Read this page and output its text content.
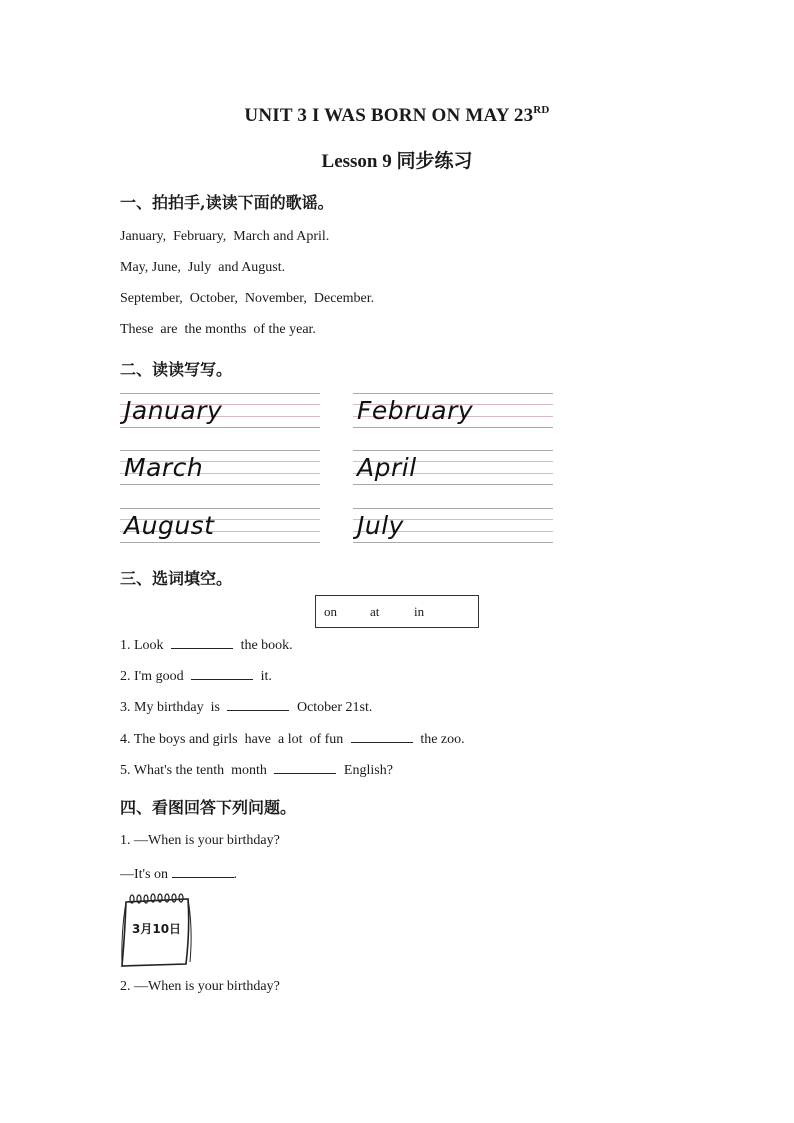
UNIT 3 I WAS BORN ON MAY 23RD
Lesson 9 同步练习
一、拍拍手,读读下面的歌谣。
January,  February,  March and April.
May, June,  July  and August.
September,  October,  November,  December.
These  are  the months  of the year.
二、读读写写。
January
March
August
February
April
July
三、选词填空。
on	at	in
1. Look	the book.
2. I'm good	it.
3. My birthday  is	October 21st.
4. The boys and girls  have  a lot  of fun	the zoo.
5. What's the tenth  month	English?
四、看图回答下列问题。
1. —When is your birthday?
—It's on	.
3月10日
2. —When is your birthday?
